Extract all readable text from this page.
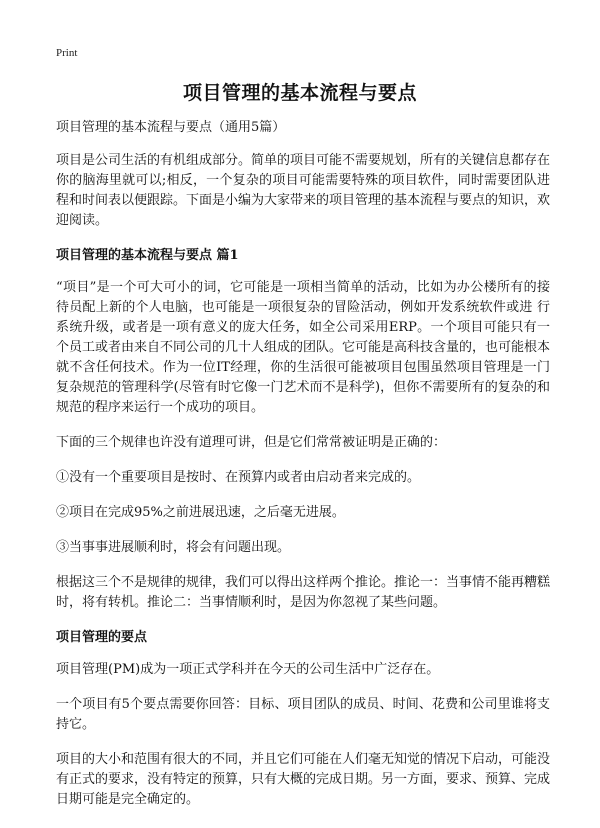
Print
项目管理的基本流程与要点

项目管理的基本流程与要点（通用5篇）

项目是公司生活的有机组成部分。简单的项目可能不需要规划，所有的关键信息都存在你的脑海里就可以;相反，一个复杂的项目可能需要特殊的项目软件，同时需要团队进程和时间表以便跟踪。下面是小编为大家带来的项目管理的基本流程与要点的知识，欢迎阅读。

项目管理的基本流程与要点 篇1

“项目”是一个可大可小的词，它可能是一项相当简单的活动，比如为办公楼所有的接待员配上新的个人电脑，也可能是一项很复杂的冒险活动，例如开发系统软件或进 行系统升级，或者是一项有意义的庞大任务，如全公司采用ERP。一个项目可能只有一个员工或者由来自不同公司的几十人组成的团队。它可能是高科技含量的，也可能根本就不含任何技术。作为一位IT经理，你的生活很可能被项目包围虽然项目管理是一门复杂规范的管理科学(尽管有时它像一门艺术而不是科学)，但你不需要所有的复杂的和规范的程序来运行一个成功的项目。

下面的三个规律也许没有道理可讲，但是它们常常被证明是正确的：

①没有一个重要项目是按时、在预算内或者由启动者来完成的。

②项目在完成95%之前进展迅速，之后毫无进展。

③当事事进展顺利时，将会有问题出现。

根据这三个不是规律的规律，我们可以得出这样两个推论。推论一：当事情不能再糟糕时，将有转机。推论二：当事情顺利时，是因为你忽视了某些问题。

项目管理的要点

项目管理(PM)成为一项正式学科并在今天的公司生活中广泛存在。

一个项目有5个要点需要你回答：目标、项目团队的成员、时间、花费和公司里谁将支持它。

项目的大小和范围有很大的不同，并且它们可能在人们毫无知觉的情况下启动，可能没有正式的要求，没有特定的预算，只有大概的完成日期。另一方面，要求、预算、完成日期可能是完全确定的。
